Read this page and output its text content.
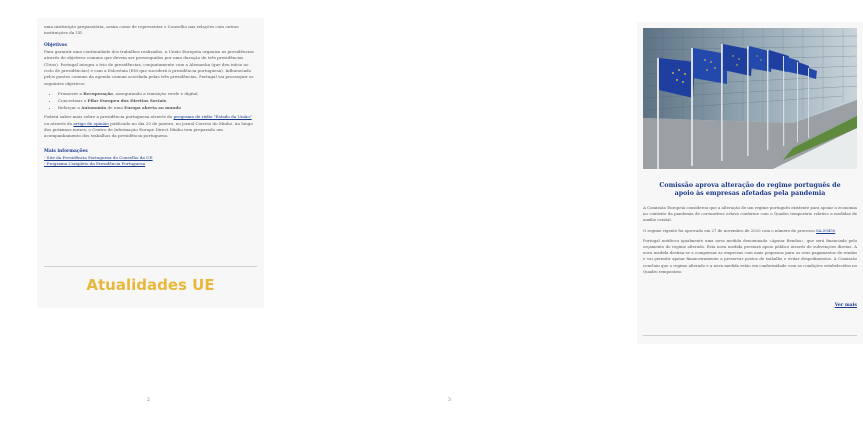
uma instituição preparatória, assim como de representar o Conselho nas relações com outras instituições da UE.

Objetivos

Para garantir uma continuidade dos trabalhos realizados, a União Europeia organiza as presidências através de objetivos comuns que devem ser prosseguidos por uma duração de três presidências (Trios). Portugal integra o trio de presidências, conjuntamente com a Alemanha (que deu início ao ciclo de presidências) e com a Eslovénia (EM que sucederá à presidência portuguesa). Influenciado pelos pontos comuns da agenda comum acordada pelas três presidências, Portugal vai prosseguir os seguintes objetivos:

• Promover a Recuperação, assegurando a transição verde e digital.
• Concretizar o Pilar Europeu dos Direitos Sociais.
• Reforçar a Autonomia de uma Europa aberta ao mundo

Poderá saber mais sobre a presidência portuguesa através do programa de rádio "Estado da União" ou através do artigo de opinião publicado no dia 20 de janeiro, no jornal Correio do Minho. Ao longo dos próximos meses, o Centro de Informação Europe Direct Minho tem preparado um acompanhamento dos trabalhos da presidência portuguesa.

Mais informações

- Site da Presidência Portuguesa do Conselho da UE

- Programa Completo da Presidência Portuguesa

Atualidades UE
2

Comissão aprova alteração do regime português de apoio às empresas afetadas pela pandemia

A Comissão Europeia considerou que a alteração de um regime português existente para apoiar a economia no contexto da pandemia de coronavírus estava conforme com o Quadro temporário relativo a medidas de auxílio estatal.

O regime vigente foi aprovado em 27 de novembro de 2020 com o número de processo SA.59450

Portugal notificou igualmente uma nova medida denominada «Apoiar Rendas», que será financiada pelo orçamento do regime alterado. Esta nova medida prestará apoio público através de subvenções diretas. A nova medida destina-se a compensar as empresas com mais pequenas para os seus pagamentos de rendas e vai permitir apoiar financeiramente a preservar postos de trabalho e evitar despedimentos. A Comissão concluiu que o regime alterado e a nova medida estão em conformidade com as condições estabelecidas no Quadro temporário.

Ver mais
3
